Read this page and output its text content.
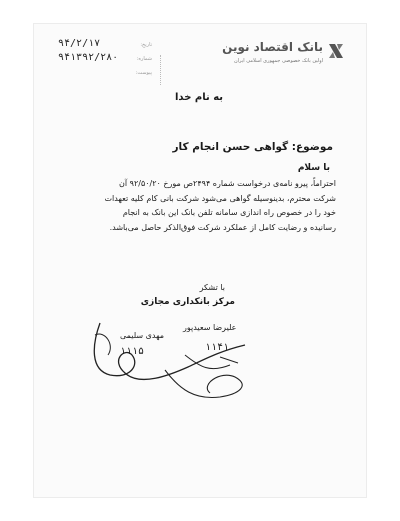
بانک اقتصاد نوین
اولین بانک خصوصی جمهوری اسلامی ایران
تاریخ:
۹۴/۲/۱۷
شماره:
۹۴۱۳۹۲/۲۸۰
پیوست:
به نام خدا
موضوع: گواهی حسن انجام کار
با سلام
احتراماً، پیرو نامه‌ی درخواست شماره ۲۴۹۴ص مورخ ۹۲/۵۰/۲۰ آن
شرکت محترم، بدینوسیله گواهی می‌شود شرکت بانی کام کلیه تعهدات
خود را در خصوص راه اندازی سامانه تلفن بانک این بانک به انجام
رسانیده و رضایت کامل از عملکرد شرکت فوق‌الذکر حاصل می‌باشد.
با تشکر
مرکز بانکداری مجازی
مهدی سلیمی
۱۱۱۵
علیرضا سعیدپور
۱۱۴۱
